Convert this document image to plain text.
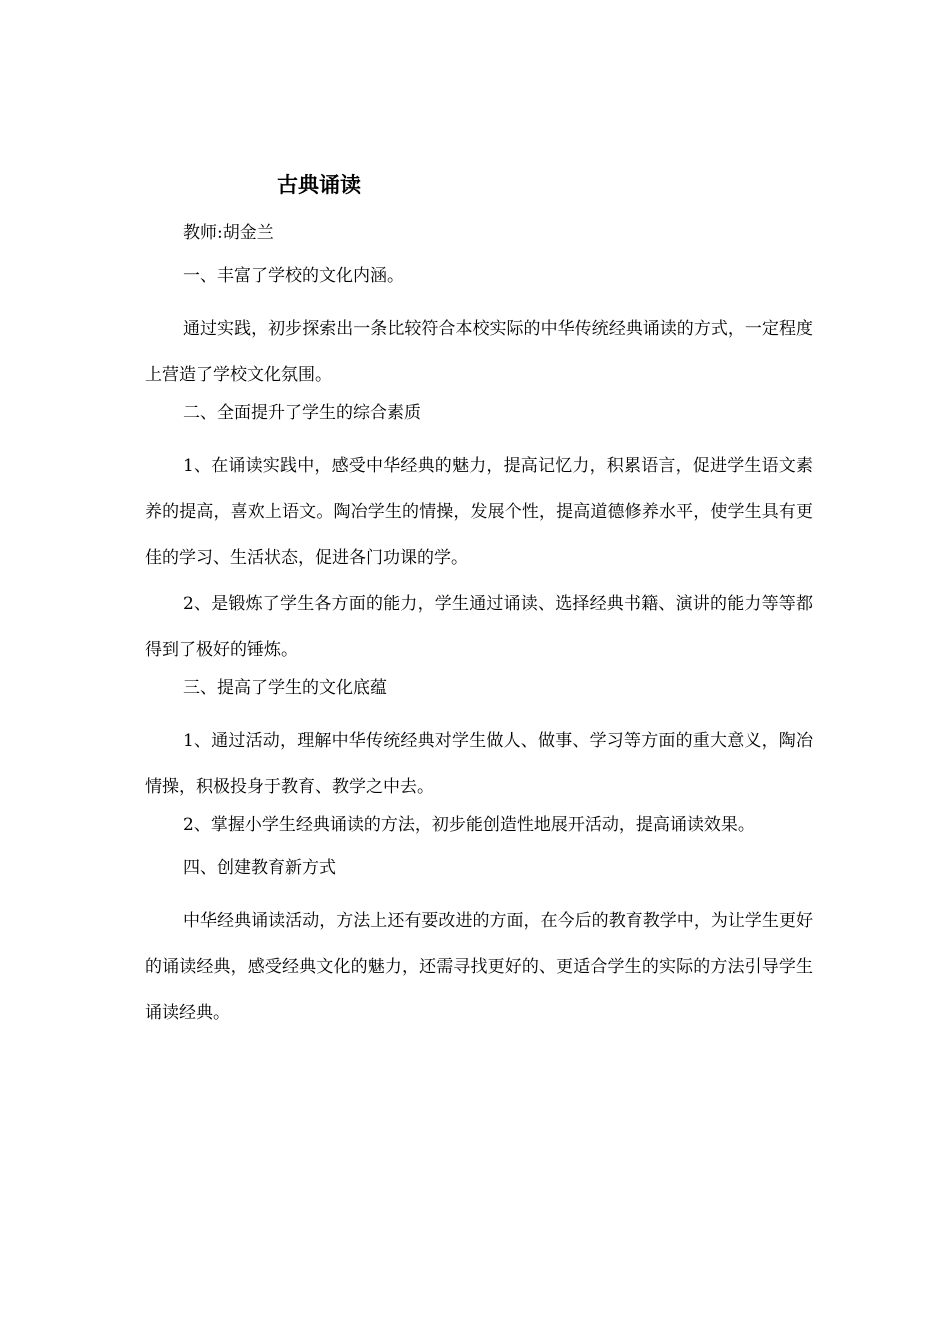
古典诵读

教师:胡金兰

一、丰富了学校的文化内涵。

通过实践，初步探索出一条比较符合本校实际的中华传统经典诵读的方式，一定程度上营造了学校文化氛围。

二、全面提升了学生的综合素质

1、在诵读实践中，感受中华经典的魅力，提高记忆力，积累语言，促进学生语文素养的提高，喜欢上语文。陶冶学生的情操，发展个性，提高道德修养水平，使学生具有更佳的学习、生活状态，促进各门功课的学。

2、是锻炼了学生各方面的能力，学生通过诵读、选择经典书籍、演讲的能力等等都得到了极好的锤炼。

三、提高了学生的文化底蕴

1、通过活动，理解中华传统经典对学生做人、做事、学习等方面的重大意义，陶冶情操，积极投身于教育、教学之中去。

2、掌握小学生经典诵读的方法，初步能创造性地展开活动，提高诵读效果。

四、创建教育新方式

中华经典诵读活动，方法上还有要改进的方面，在今后的教育教学中，为让学生更好的诵读经典，感受经典文化的魅力，还需寻找更好的、更适合学生的实际的方法引导学生诵读经典。
